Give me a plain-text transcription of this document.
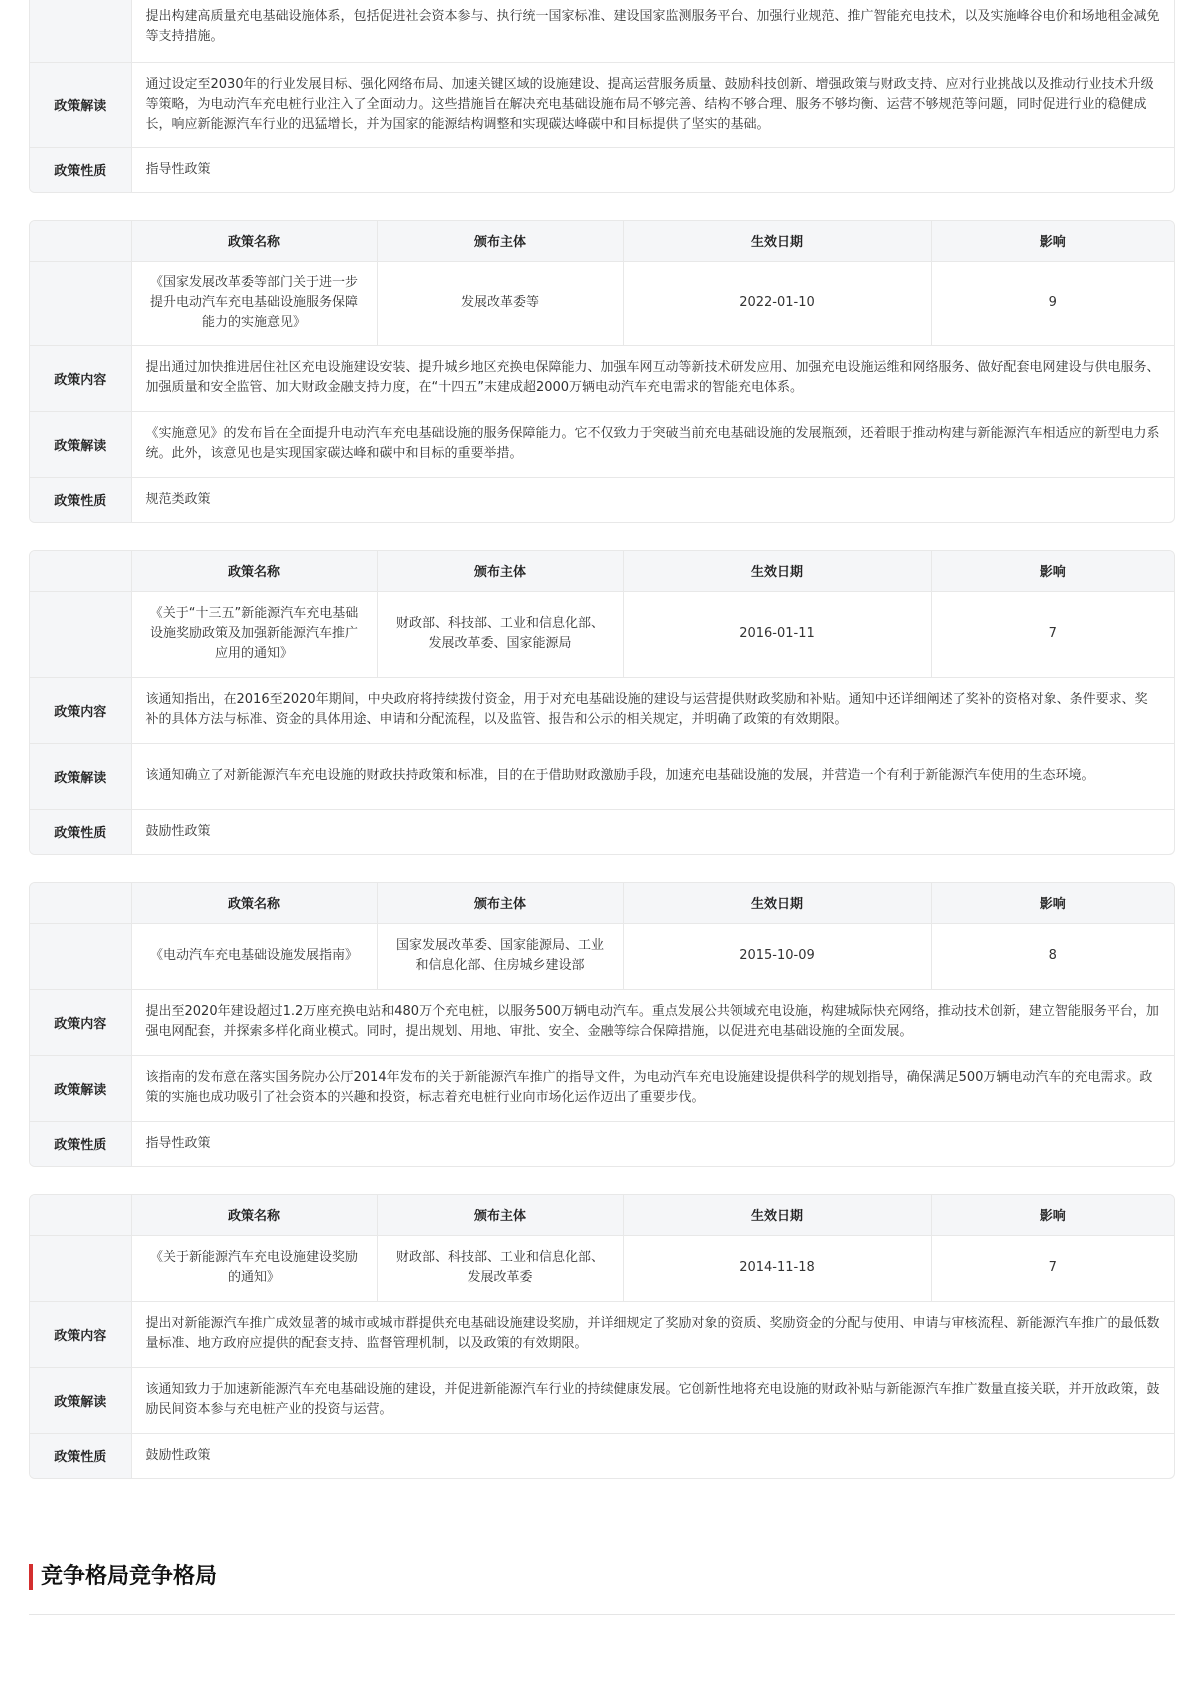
	提出构建高质量充电基础设施体系，包括促进社会资本参与、执行统一国家标准、建设国家监测服务平台、加强行业规范、推广智能充电技术，以及实施峰谷电价和场地租金减免等支持措施。
政策解读	通过设定至2030年的行业发展目标、强化网络布局、加速关键区域的设施建设、提高运营服务质量、鼓励科技创新、增强政策与财政支持、应对行业挑战以及推动行业技术升级等策略，为电动汽车充电桩行业注入了全面动力。这些措施旨在解决充电基础设施布局不够完善、结构不够合理、服务不够均衡、运营不够规范等问题，同时促进行业的稳健成长，响应新能源汽车行业的迅猛增长，并为国家的能源结构调整和实现碳达峰碳中和目标提供了坚实的基础。
政策性质	指导性政策
	政策名称	颁布主体	生效日期	影响
	《国家发展改革委等部门关于进一步提升电动汽车充电基础设施服务保障能力的实施意见》	发展改革委等	2022-01-10	9
政策内容	提出通过加快推进居住社区充电设施建设安装、提升城乡地区充换电保障能力、加强车网互动等新技术研发应用、加强充电设施运维和网络服务、做好配套电网建设与供电服务、加强质量和安全监管、加大财政金融支持力度，在“十四五”末建成超2000万辆电动汽车充电需求的智能充电体系。			
政策解读	《实施意见》的发布旨在全面提升电动汽车充电基础设施的服务保障能力。它不仅致力于突破当前充电基础设施的发展瓶颈，还着眼于推动构建与新能源汽车相适应的新型电力系统。此外，该意见也是实现国家碳达峰和碳中和目标的重要举措。			
政策性质	规范类政策			
	政策名称	颁布主体	生效日期	影响
	《关于“十三五”新能源汽车充电基础设施奖励政策及加强新能源汽车推广应用的通知》	财政部、科技部、工业和信息化部、发展改革委、国家能源局	2016-01-11	7
政策内容	该通知指出，在2016至2020年期间，中央政府将持续拨付资金，用于对充电基础设施的建设与运营提供财政奖励和补贴。通知中还详细阐述了奖补的资格对象、条件要求、奖补的具体方法与标准、资金的具体用途、申请和分配流程，以及监管、报告和公示的相关规定，并明确了政策的有效期限。			
政策解读	该通知确立了对新能源汽车充电设施的财政扶持政策和标准，目的在于借助财政激励手段，加速充电基础设施的发展，并营造一个有利于新能源汽车使用的生态环境。			
政策性质	鼓励性政策			
	政策名称	颁布主体	生效日期	影响
	《电动汽车充电基础设施发展指南》	国家发展改革委、国家能源局、工业和信息化部、住房城乡建设部	2015-10-09	8
政策内容	提出至2020年建设超过1.2万座充换电站和480万个充电桩，以服务500万辆电动汽车。重点发展公共领域充电设施，构建城际快充网络，推动技术创新，建立智能服务平台，加强电网配套，并探索多样化商业模式。同时，提出规划、用地、审批、安全、金融等综合保障措施，以促进充电基础设施的全面发展。			
政策解读	该指南的发布意在落实国务院办公厅2014年发布的关于新能源汽车推广的指导文件，为电动汽车充电设施建设提供科学的规划指导，确保满足500万辆电动汽车的充电需求。政策的实施也成功吸引了社会资本的兴趣和投资，标志着充电桩行业向市场化运作迈出了重要步伐。			
政策性质	指导性政策			
	政策名称	颁布主体	生效日期	影响
	《关于新能源汽车充电设施建设奖励的通知》	财政部、科技部、工业和信息化部、发展改革委	2014-11-18	7
政策内容	提出对新能源汽车推广成效显著的城市或城市群提供充电基础设施建设奖励，并详细规定了奖励对象的资质、奖励资金的分配与使用、申请与审核流程、新能源汽车推广的最低数量标准、地方政府应提供的配套支持、监督管理机制，以及政策的有效期限。			
政策解读	该通知致力于加速新能源汽车充电基础设施的建设，并促进新能源汽车行业的持续健康发展。它创新性地将充电设施的财政补贴与新能源汽车推广数量直接关联，并开放政策，鼓励民间资本参与充电桩产业的投资与运营。			
政策性质	鼓励性政策			
竞争格局竞争格局
